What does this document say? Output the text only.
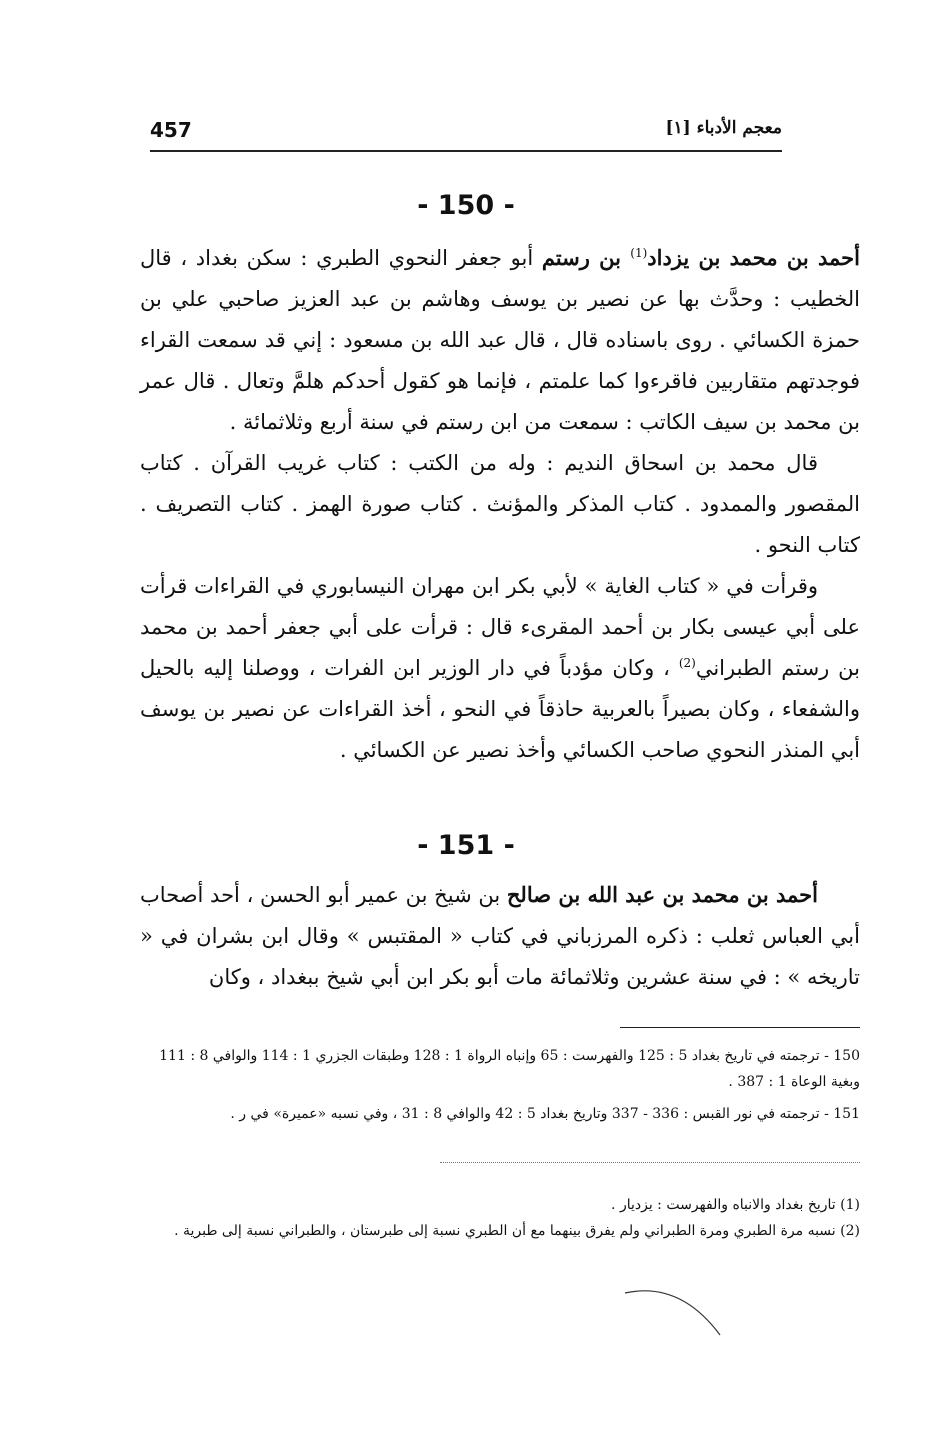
457	معجم الأدباء [١]
- 150 -

أحمد بن محمد بن يزداد$^{(1)}$ بن رستم أبو جعفر النحوي الطبري : سكن بغداد ، قال الخطيب : وحدَّث بها عن نصير بن يوسف وهاشم بن عبد العزيز صاحبي علي بن حمزة الكسائي . روى باسناده قال ، قال عبد الله بن مسعود : إني قد سمعت القراء فوجدتهم متقاربين فاقرءوا كما علمتم ، فإنما هو كقول أحدكم هلمَّ وتعال . قال عمر بن محمد بن سيف الكاتب : سمعت من ابن رستم في سنة أربع وثلاثمائة .

قال محمد بن اسحاق النديم : وله من الكتب : كتاب غريب القرآن . كتاب المقصور والممدود . كتاب المذكر والمؤنث . كتاب صورة الهمز . كتاب التصريف . كتاب النحو .

وقرأت في « كتاب الغاية » لأبي بكر ابن مهران النيسابوري في القراءات قرأت على أبي عيسى بكار بن أحمد المقرىء قال : قرأت على أبي جعفر أحمد بن محمد بن رستم الطبراني$^{(2)}$ ، وكان مؤدباً في دار الوزير ابن الفرات ، ووصلنا إليه بالحيل والشفعاء ، وكان بصيراً بالعربية حاذقاً في النحو ، أخذ القراءات عن نصير بن يوسف أبي المنذر النحوي صاحب الكسائي وأخذ نصير عن الكسائي .

- 151 -

أحمد بن محمد بن عبد الله بن صالح بن شيخ بن عمير أبو الحسن ، أحد أصحاب أبي العباس ثعلب : ذكره المرزباني في كتاب « المقتبس » وقال ابن بشران في « تاريخه » : في سنة عشرين وثلاثمائة مات أبو بكر ابن أبي شيخ ببغداد ، وكان

150 - ترجمته في تاريخ بغداد 5 : 125 والفهرست : 65 وإنباه الرواة 1 : 128 وطبقات الجزري 1 : 114 والوافي 8 : 111 وبغية الوعاة 1 : 387 .

151 - ترجمته في نور القبس : 336 - 337 وتاريخ بغداد 5 : 42 والوافي 8 : 31 ، وفي نسبه «عميرة» في ر .

(1) تاريخ بغداد والانباه والفهرست : يزديار .

(2) نسبه مرة الطبري ومرة الطبراني ولم يفرق بينهما مع أن الطبري نسبة إلى طبرستان ، والطبراني نسبة إلى طبرية .
